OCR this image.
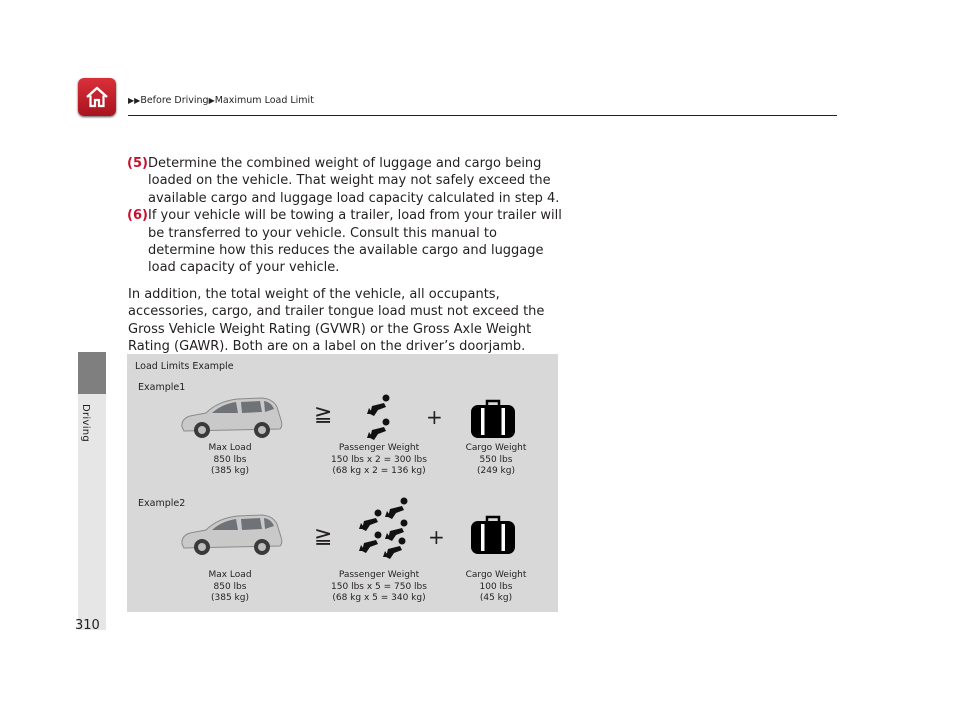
▶▶Before Driving▶Maximum Load Limit
Driving
(5) Determine the combined weight of luggage and cargo being loaded on the vehicle. That weight may not safely exceed the available cargo and luggage load capacity calculated in step 4.
(6) If your vehicle will be towing a trailer, load from your trailer will be transferred to your vehicle. Consult this manual to determine how this reduces the available cargo and luggage load capacity of your vehicle.
In addition, the total weight of the vehicle, all occupants, accessories, cargo, and trailer tongue load must not exceed the Gross Vehicle Weight Rating (GVWR) or the Gross Axle Weight Rating (GAWR). Both are on a label on the driver’s doorjamb.
Load Limits Example
Example1
≧	+
Max Load
850 lbs
(385 kg)
Passenger Weight
150 lbs x 2 = 300 lbs
(68 kg x 2 = 136 kg)
Cargo Weight
550 lbs
(249 kg)
Example2
≧	+
Max Load
850 lbs
(385 kg)
Passenger Weight
150 lbs x 5 = 750 lbs
(68 kg x 5 = 340 kg)
Cargo Weight
100 lbs
(45 kg)
310
